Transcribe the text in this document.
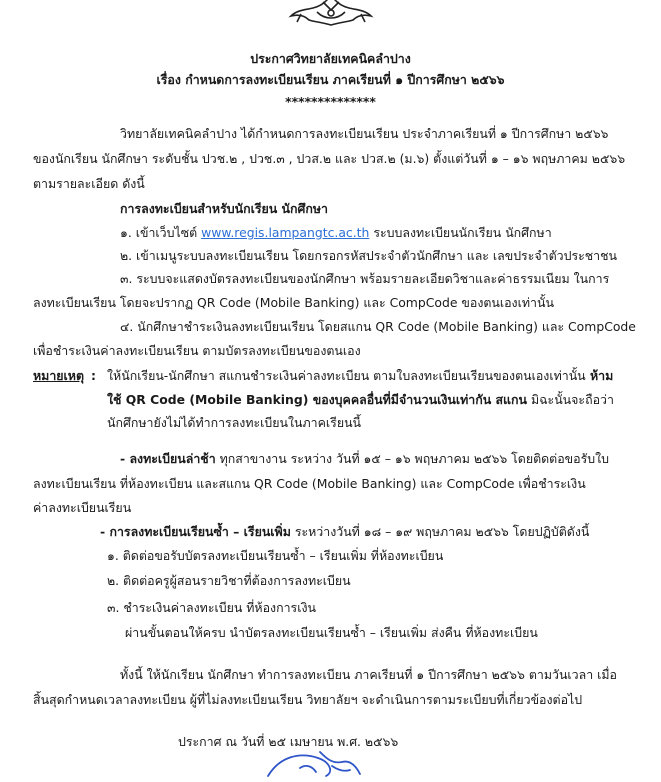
ประกาศวิทยาลัยเทคนิคลำปาง
เรื่อง กำหนดการลงทะเบียนเรียน ภาคเรียนที่ ๑ ปีการศึกษา ๒๕๖๖
**************
วิทยาลัยเทคนิคลำปาง ได้กำหนดการลงทะเบียนเรียน ประจำภาคเรียนที่ ๑ ปีการศึกษา ๒๕๖๖
ของนักเรียน นักศึกษา ระดับชั้น ปวช.๒ , ปวช.๓ , ปวส.๒ และ ปวส.๒ (ม.๖) ตั้งแต่วันที่ ๑ – ๑๖ พฤษภาคม ๒๕๖๖
ตามรายละเอียด ดังนี้
การลงทะเบียนสำหรับนักเรียน นักศึกษา
๑. เข้าเว็บไซต์ www.regis.lampangtc.ac.th ระบบลงทะเบียนนักเรียน นักศึกษา
๒. เข้าเมนูระบบลงทะเบียนเรียน โดยกรอกรหัสประจำตัวนักศึกษา และ เลขประจำตัวประชาชน
๓. ระบบจะแสดงบัตรลงทะเบียนของนักศึกษา พร้อมรายละเอียดวิชาและค่าธรรมเนียม ในการ
ลงทะเบียนเรียน โดยจะปรากฏ QR Code (Mobile Banking) และ CompCode ของตนเองเท่านั้น
๔. นักศึกษาชำระเงินลงทะเบียนเรียน โดยสแกน QR Code (Mobile Banking) และ CompCode
เพื่อชำระเงินค่าลงทะเบียนเรียน ตามบัตรลงทะเบียนของตนเอง
หมายเหตุ : ให้นักเรียน-นักศึกษา สแกนชำระเงินค่าลงทะเบียน ตามใบลงทะเบียนเรียนของตนเองเท่านั้น ห้าม
ใช้ QR Code (Mobile Banking) ของบุคคลอื่นที่มีจำนวนเงินเท่ากัน สแกน มิฉะนั้นจะถือว่า
นักศึกษายังไม่ได้ทำการลงทะเบียนในภาคเรียนนี้
- ลงทะเบียนล่าช้า ทุกสาขางาน ระหว่าง วันที่ ๑๕ – ๑๖ พฤษภาคม ๒๕๖๖ โดยติดต่อขอรับใบ
ลงทะเบียนเรียน ที่ห้องทะเบียน และสแกน QR Code (Mobile Banking) และ CompCode เพื่อชำระเงิน
ค่าลงทะเบียนเรียน
- การลงทะเบียนเรียนซ้ำ – เรียนเพิ่ม ระหว่างวันที่ ๑๘ – ๑๙ พฤษภาคม ๒๕๖๖ โดยปฏิบัติดังนี้
๑. ติดต่อขอรับบัตรลงทะเบียนเรียนซ้ำ – เรียนเพิ่ม ที่ห้องทะเบียน
๒. ติดต่อครูผู้สอนรายวิชาที่ต้องการลงทะเบียน
๓. ชำระเงินค่าลงทะเบียน ที่ห้องการเงิน
ผ่านขั้นตอนให้ครบ นำบัตรลงทะเบียนเรียนซ้ำ – เรียนเพิ่ม ส่งคืน ที่ห้องทะเบียน
ทั้งนี้ ให้นักเรียน นักศึกษา ทำการลงทะเบียน ภาคเรียนที่ ๑ ปีการศึกษา ๒๕๖๖ ตามวันเวลา เมื่อ
สิ้นสุดกำหนดเวลาลงทะเบียน ผู้ที่ไม่ลงทะเบียนเรียน วิทยาลัยฯ จะดำเนินการตามระเบียบที่เกี่ยวข้องต่อไป
ประกาศ ณ วันที่ ๒๕ เมษายน พ.ศ. ๒๕๖๖
